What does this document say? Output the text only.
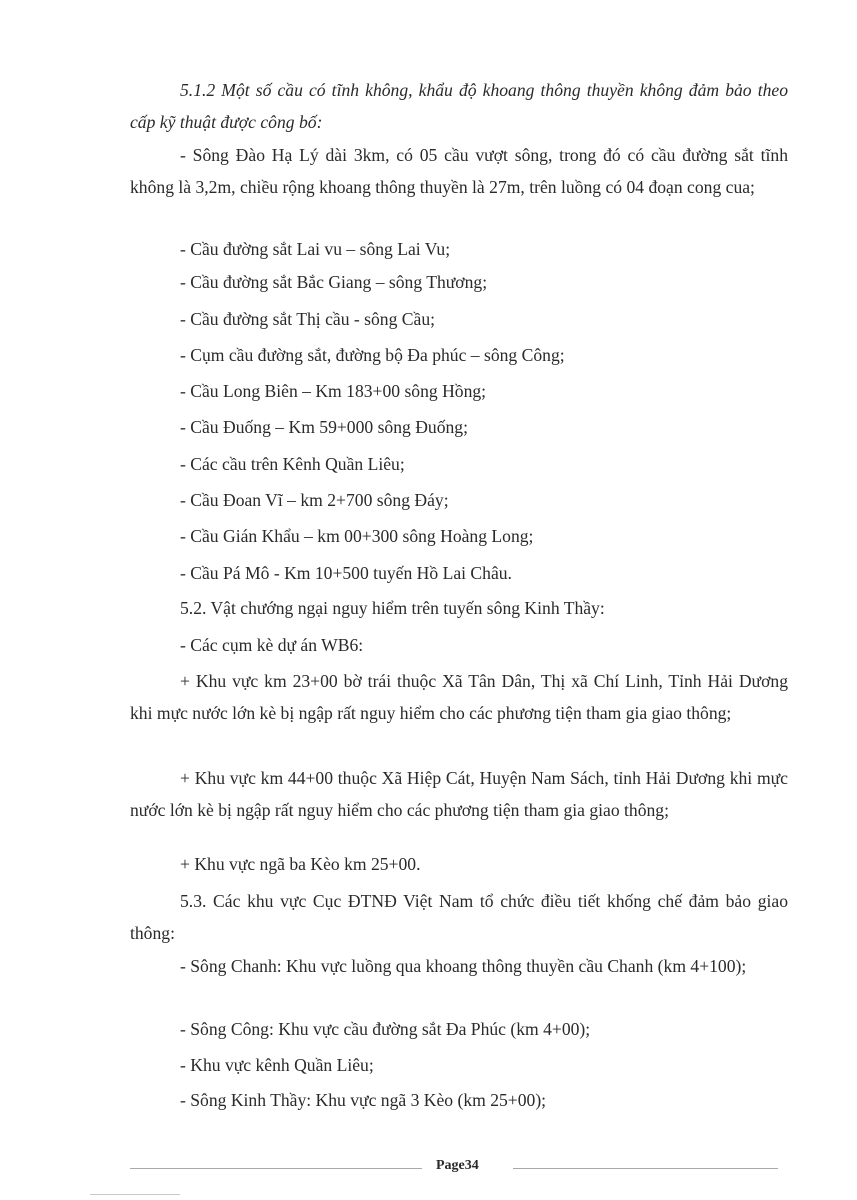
5.1.2 Một số cầu có tĩnh không, khẩu độ khoang thông thuyền không đảm bảo theo cấp kỹ thuật được công bố:

- Sông Đào Hạ Lý dài 3km, có 05 cầu vượt sông, trong đó có cầu đường sắt tĩnh không là 3,2m, chiều rộng khoang thông thuyền là 27m, trên luồng có 04 đoạn cong cua;

- Cầu đường sắt Lai vu – sông Lai Vu;

- Cầu đường sắt Bắc Giang – sông Thương;

- Cầu đường sắt Thị cầu - sông Cầu;

- Cụm cầu đường sắt, đường bộ Đa phúc – sông Công;

- Cầu Long Biên – Km 183+00 sông Hồng;

- Cầu Đuống – Km 59+000 sông Đuống;

- Các cầu trên Kênh Quần Liêu;

- Cầu Đoan Vĩ – km 2+700 sông Đáy;

- Cầu Gián Khẩu – km 00+300 sông Hoàng Long;

- Cầu Pá Mô - Km 10+500 tuyến Hồ Lai Châu.

5.2. Vật chướng ngại nguy hiểm trên tuyến sông Kinh Thầy:

- Các cụm kè dự án WB6:

+ Khu vực km 23+00 bờ trái thuộc Xã Tân Dân, Thị xã Chí Linh, Tỉnh Hải Dương khi mực nước lớn kè bị ngập rất nguy hiểm cho các phương tiện tham gia giao thông;

+ Khu vực km 44+00 thuộc Xã Hiệp Cát, Huyện Nam Sách, tỉnh Hải Dương khi mực nước lớn kè bị ngập rất nguy hiểm cho các phương tiện tham gia giao thông;

+ Khu vực ngã ba Kèo km 25+00.

5.3. Các khu vực Cục ĐTNĐ Việt Nam tổ chức điều tiết khống chế đảm bảo giao thông:

- Sông Chanh: Khu vực luồng qua khoang thông thuyền cầu Chanh (km 4+100);

- Sông Công: Khu vực cầu đường sắt Đa Phúc (km 4+00);

- Khu vực kênh Quần Liêu;

- Sông Kinh Thầy: Khu vực ngã 3 Kèo (km 25+00);

Page34
